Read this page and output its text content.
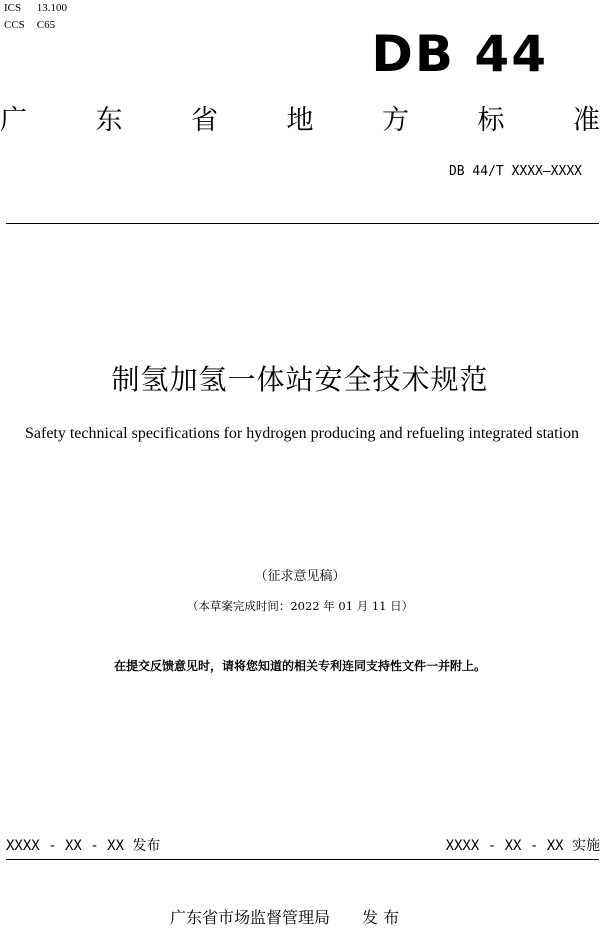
ICS 13.100
CCS C65	DB 44
广	东	省	地	方	标	准
DB 44/T XXXX—XXXX
制氢加氢一体站安全技术规范
Safety technical specifications for hydrogen producing and refueling integrated station
（征求意见稿）
（本草案完成时间：2022 年 01 月 11 日）
在提交反馈意见时，请将您知道的相关专利连同支持性文件一并附上。
XXXX - XX - XX 发布	XXXX - XX - XX 实施
广东省市场监督管理局 发 布
